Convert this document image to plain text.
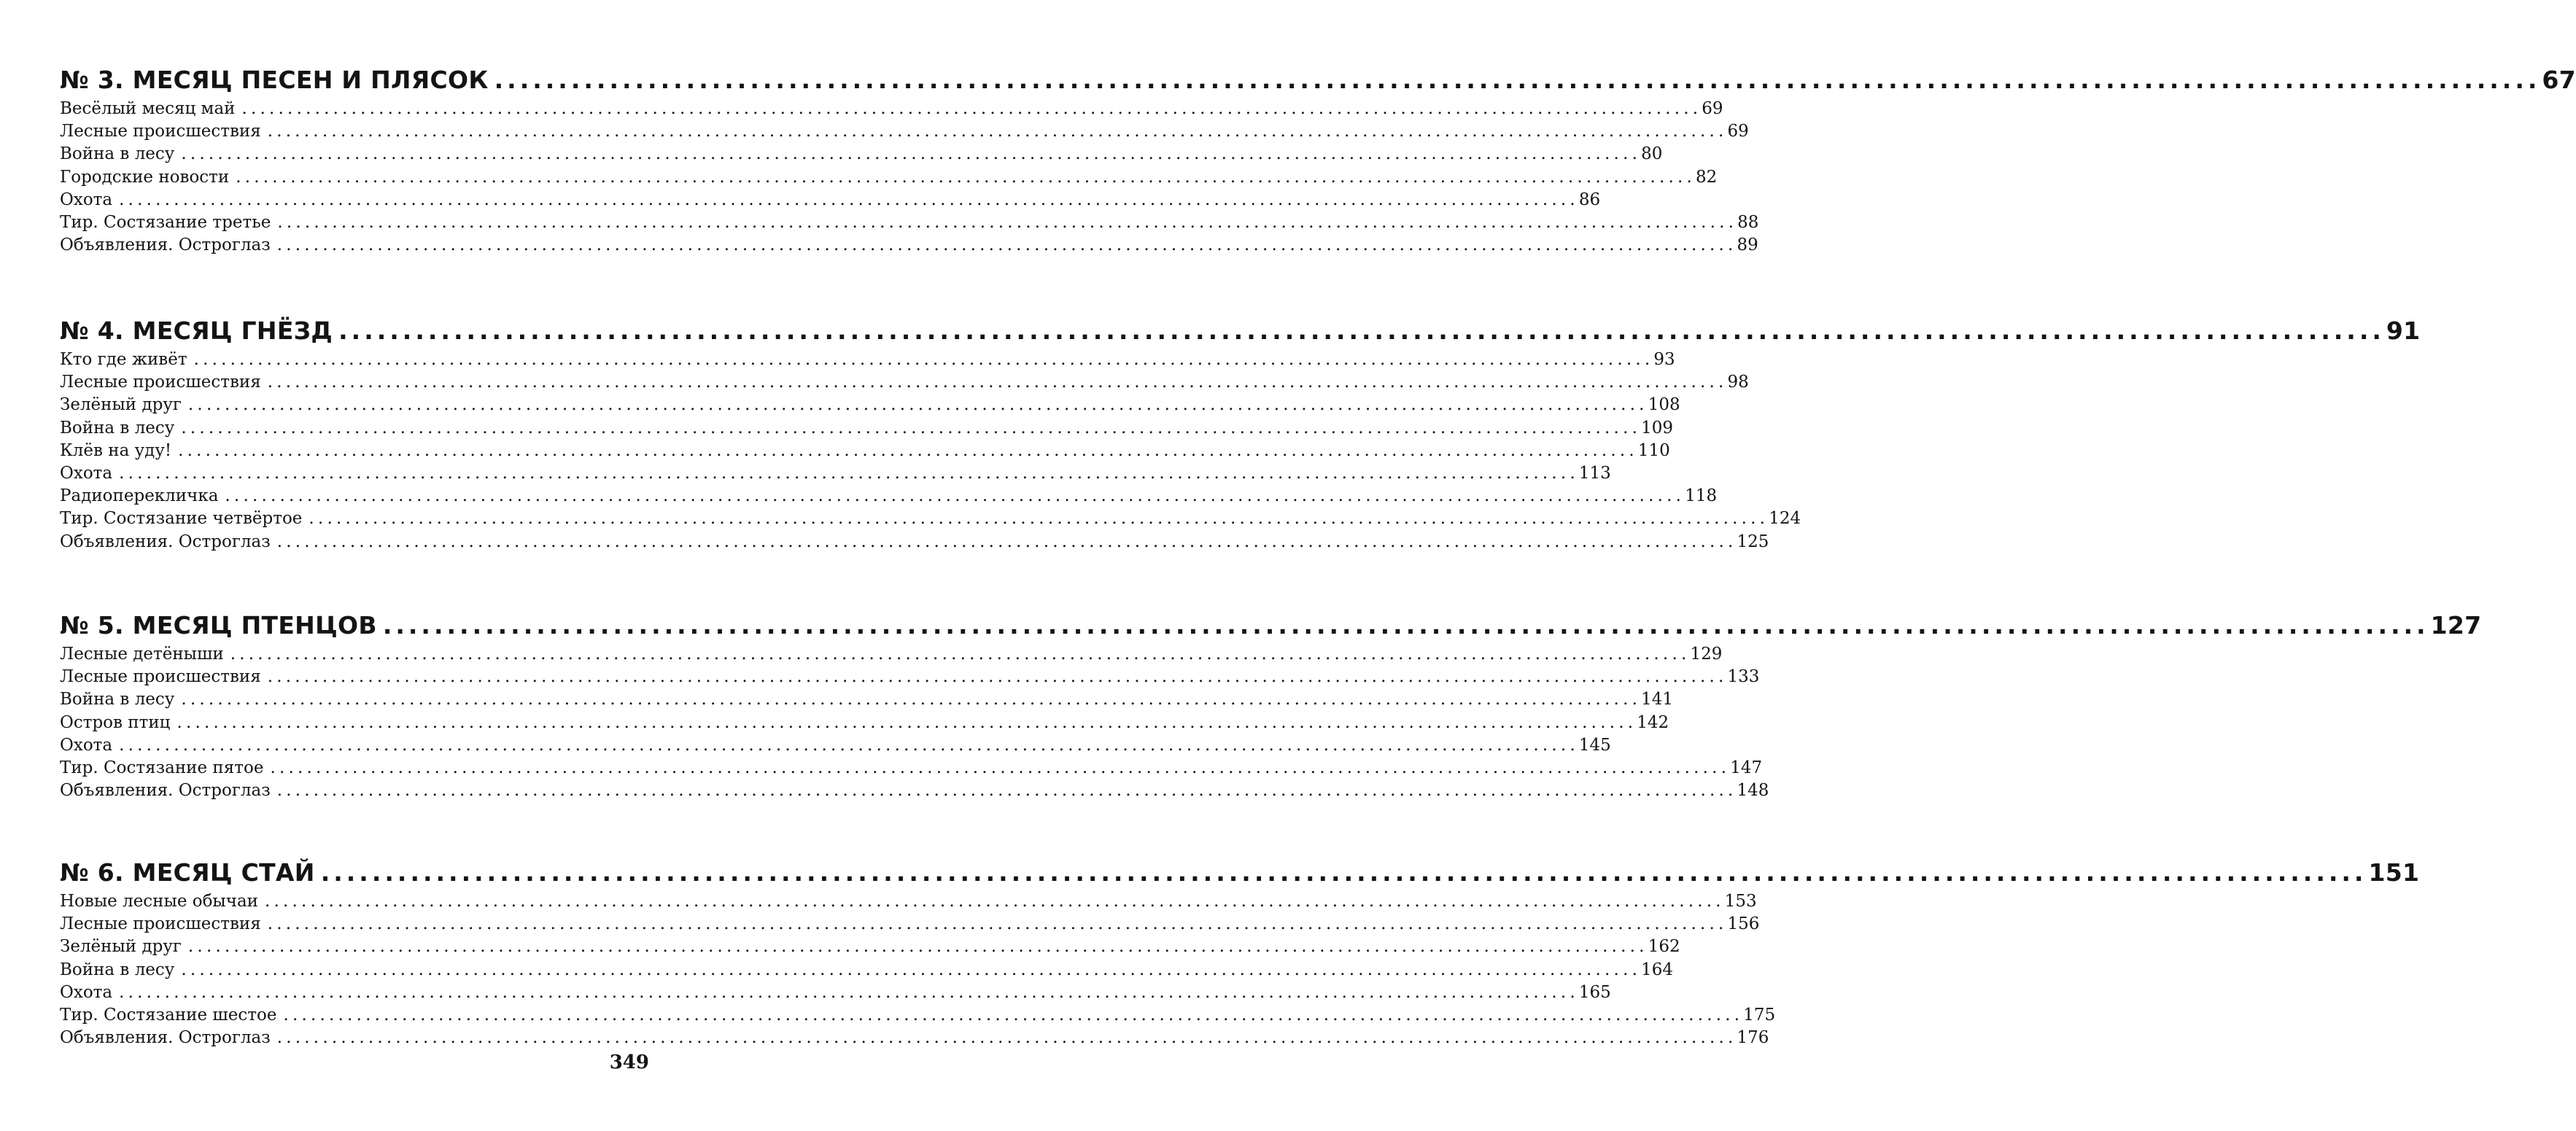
№ 3. МЕСЯЦ ПЕСЕН И ПЛЯСОК ................................................................................................................................................................ 67
Весёлый месяц май ................................................................................................................................................................ 69
Лесные происшествия ................................................................................................................................................................ 69
Война в лесу ................................................................................................................................................................ 80
Городские новости ................................................................................................................................................................ 82
Охота ................................................................................................................................................................ 86
Тир. Состязание третье ................................................................................................................................................................ 88
Объявления. Остроглаз ................................................................................................................................................................ 89
№ 4. МЕСЯЦ ГНЁЗД ................................................................................................................................................................ 91
Кто где живёт ................................................................................................................................................................ 93
Лесные происшествия ................................................................................................................................................................ 98
Зелёный друг ................................................................................................................................................................ 108
Война в лесу ................................................................................................................................................................ 109
Клёв на уду! ................................................................................................................................................................ 110
Охота ................................................................................................................................................................ 113
Радиоперекличка ................................................................................................................................................................ 118
Тир. Состязание четвёртое ................................................................................................................................................................ 124
Объявления. Остроглаз ................................................................................................................................................................ 125
№ 5. МЕСЯЦ ПТЕНЦОВ ................................................................................................................................................................ 127
Лесные детёныши ................................................................................................................................................................ 129
Лесные происшествия ................................................................................................................................................................ 133
Война в лесу ................................................................................................................................................................ 141
Остров птиц ................................................................................................................................................................ 142
Охота ................................................................................................................................................................ 145
Тир. Состязание пятое ................................................................................................................................................................ 147
Объявления. Остроглаз ................................................................................................................................................................ 148
№ 6. МЕСЯЦ СТАЙ ................................................................................................................................................................ 151
Новые лесные обычаи ................................................................................................................................................................ 153
Лесные происшествия ................................................................................................................................................................ 156
Зелёный друг ................................................................................................................................................................ 162
Война в лесу ................................................................................................................................................................ 164
Охота ................................................................................................................................................................ 165
Тир. Состязание шестое ................................................................................................................................................................ 175
Объявления. Остроглаз ................................................................................................................................................................ 176
349
